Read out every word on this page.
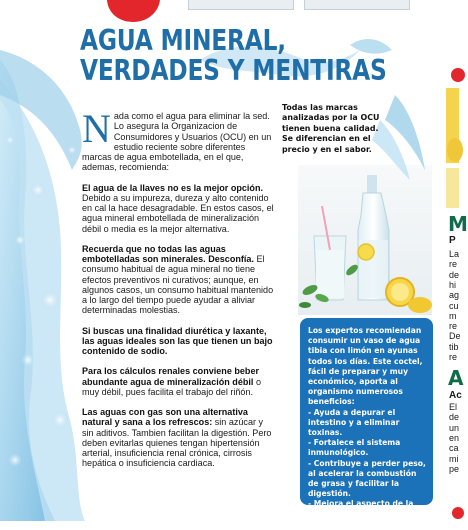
AGUA MINERAL,
VERDADES Y MENTIRAS

Todas las marcas analizadas por la OCU tienen buena calidad. Se diferencian en el precio y en el sabor.

Nada como el agua para eliminar la sed. Lo asegura la Organizacion de Consumidores y Usuarios (OCU) en un estudio reciente sobre diferentes marcas de agua embotellada, en el que, ademas, recomienda:

El agua de la llaves no es la mejor opción. Debido a su impureza, dureza y alto contenido en cal la hace desagradable. En estos casos, el agua mineral embotellada de mineralización débil o media es la mejor alternativa.

Recuerda que no todas las aguas embotelladas son minerales. Desconfía. El consumo habitual de agua mineral no tiene efectos preventivos ni curativos; aunque, en algunos casos, un consumo habitual mantenido a lo largo del tiempo puede ayudar a aliviar determinadas molestias.

Si buscas una finalidad diurética y laxante, las aguas ideales son las que tienen un bajo contenido de sodio.

Para los cálculos renales conviene beber abundante agua de mineralización débil o muy débil, pues facilita el trabajo del riñón.

Las aguas con gas son una alternativa natural y sana a los refrescos: sin azúcar y sin aditivos. Tambien facilitan la digestión. Pero deben evitarlas quienes tengan hipertensión arterial, insuficiencia renal crónica, cirrosis hepática o insuficiencia cardiaca.

Los expertos recomiendan consumir un vaso de agua tibia con limón en ayunas todos los días. Este coctel, fácil de preparar y muy económico, aporta al organismo numerosos beneficios:
- Ayuda a depurar el intestino y a eliminar toxinas.
- Fortalece el sistema inmunológico.
- Contribuye a perder peso, al acelerar la combustión de grasa y facilitar la digestión.
- Mejora el aspecto de la piel por el efecto antioxidante del limón.
M
P
La
re
de
hi
ag
cu
m
re
De
tib
re
A
Ac
El
de
un
en
ca
mi
pe
